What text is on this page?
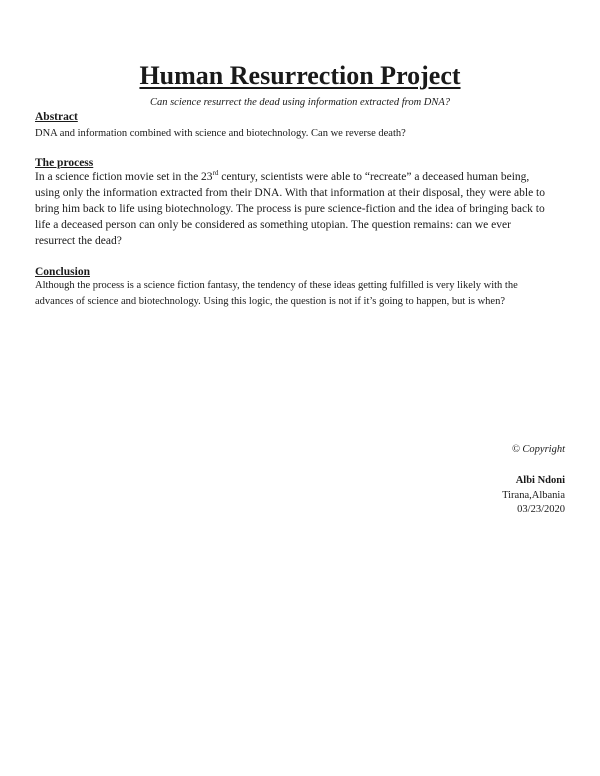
Human Resurrection Project

Can science resurrect the dead using information extracted from DNA?

Abstract

DNA and information combined with science and biotechnology. Can we reverse death?

The process
In a science fiction movie set in the 23rd century, scientists were able to “recreate” a deceased human being,
using only the information extracted from their DNA. With that information at their disposal, they were able to
bring him back to life using biotechnology. The process is pure science-fiction and the idea of bringing back to
life a deceased person can only be considered as something utopian. The question remains: can we ever
resurrect the dead?
Conclusion
Although the process is a science fiction fantasy, the tendency of these ideas getting fulfilled is very likely with the
advances of science and biotechnology. Using this logic, the question is not if it’s going to happen, but is when?

© Copyright

Albi Ndoni

Tirana,Albania

03/23/2020
